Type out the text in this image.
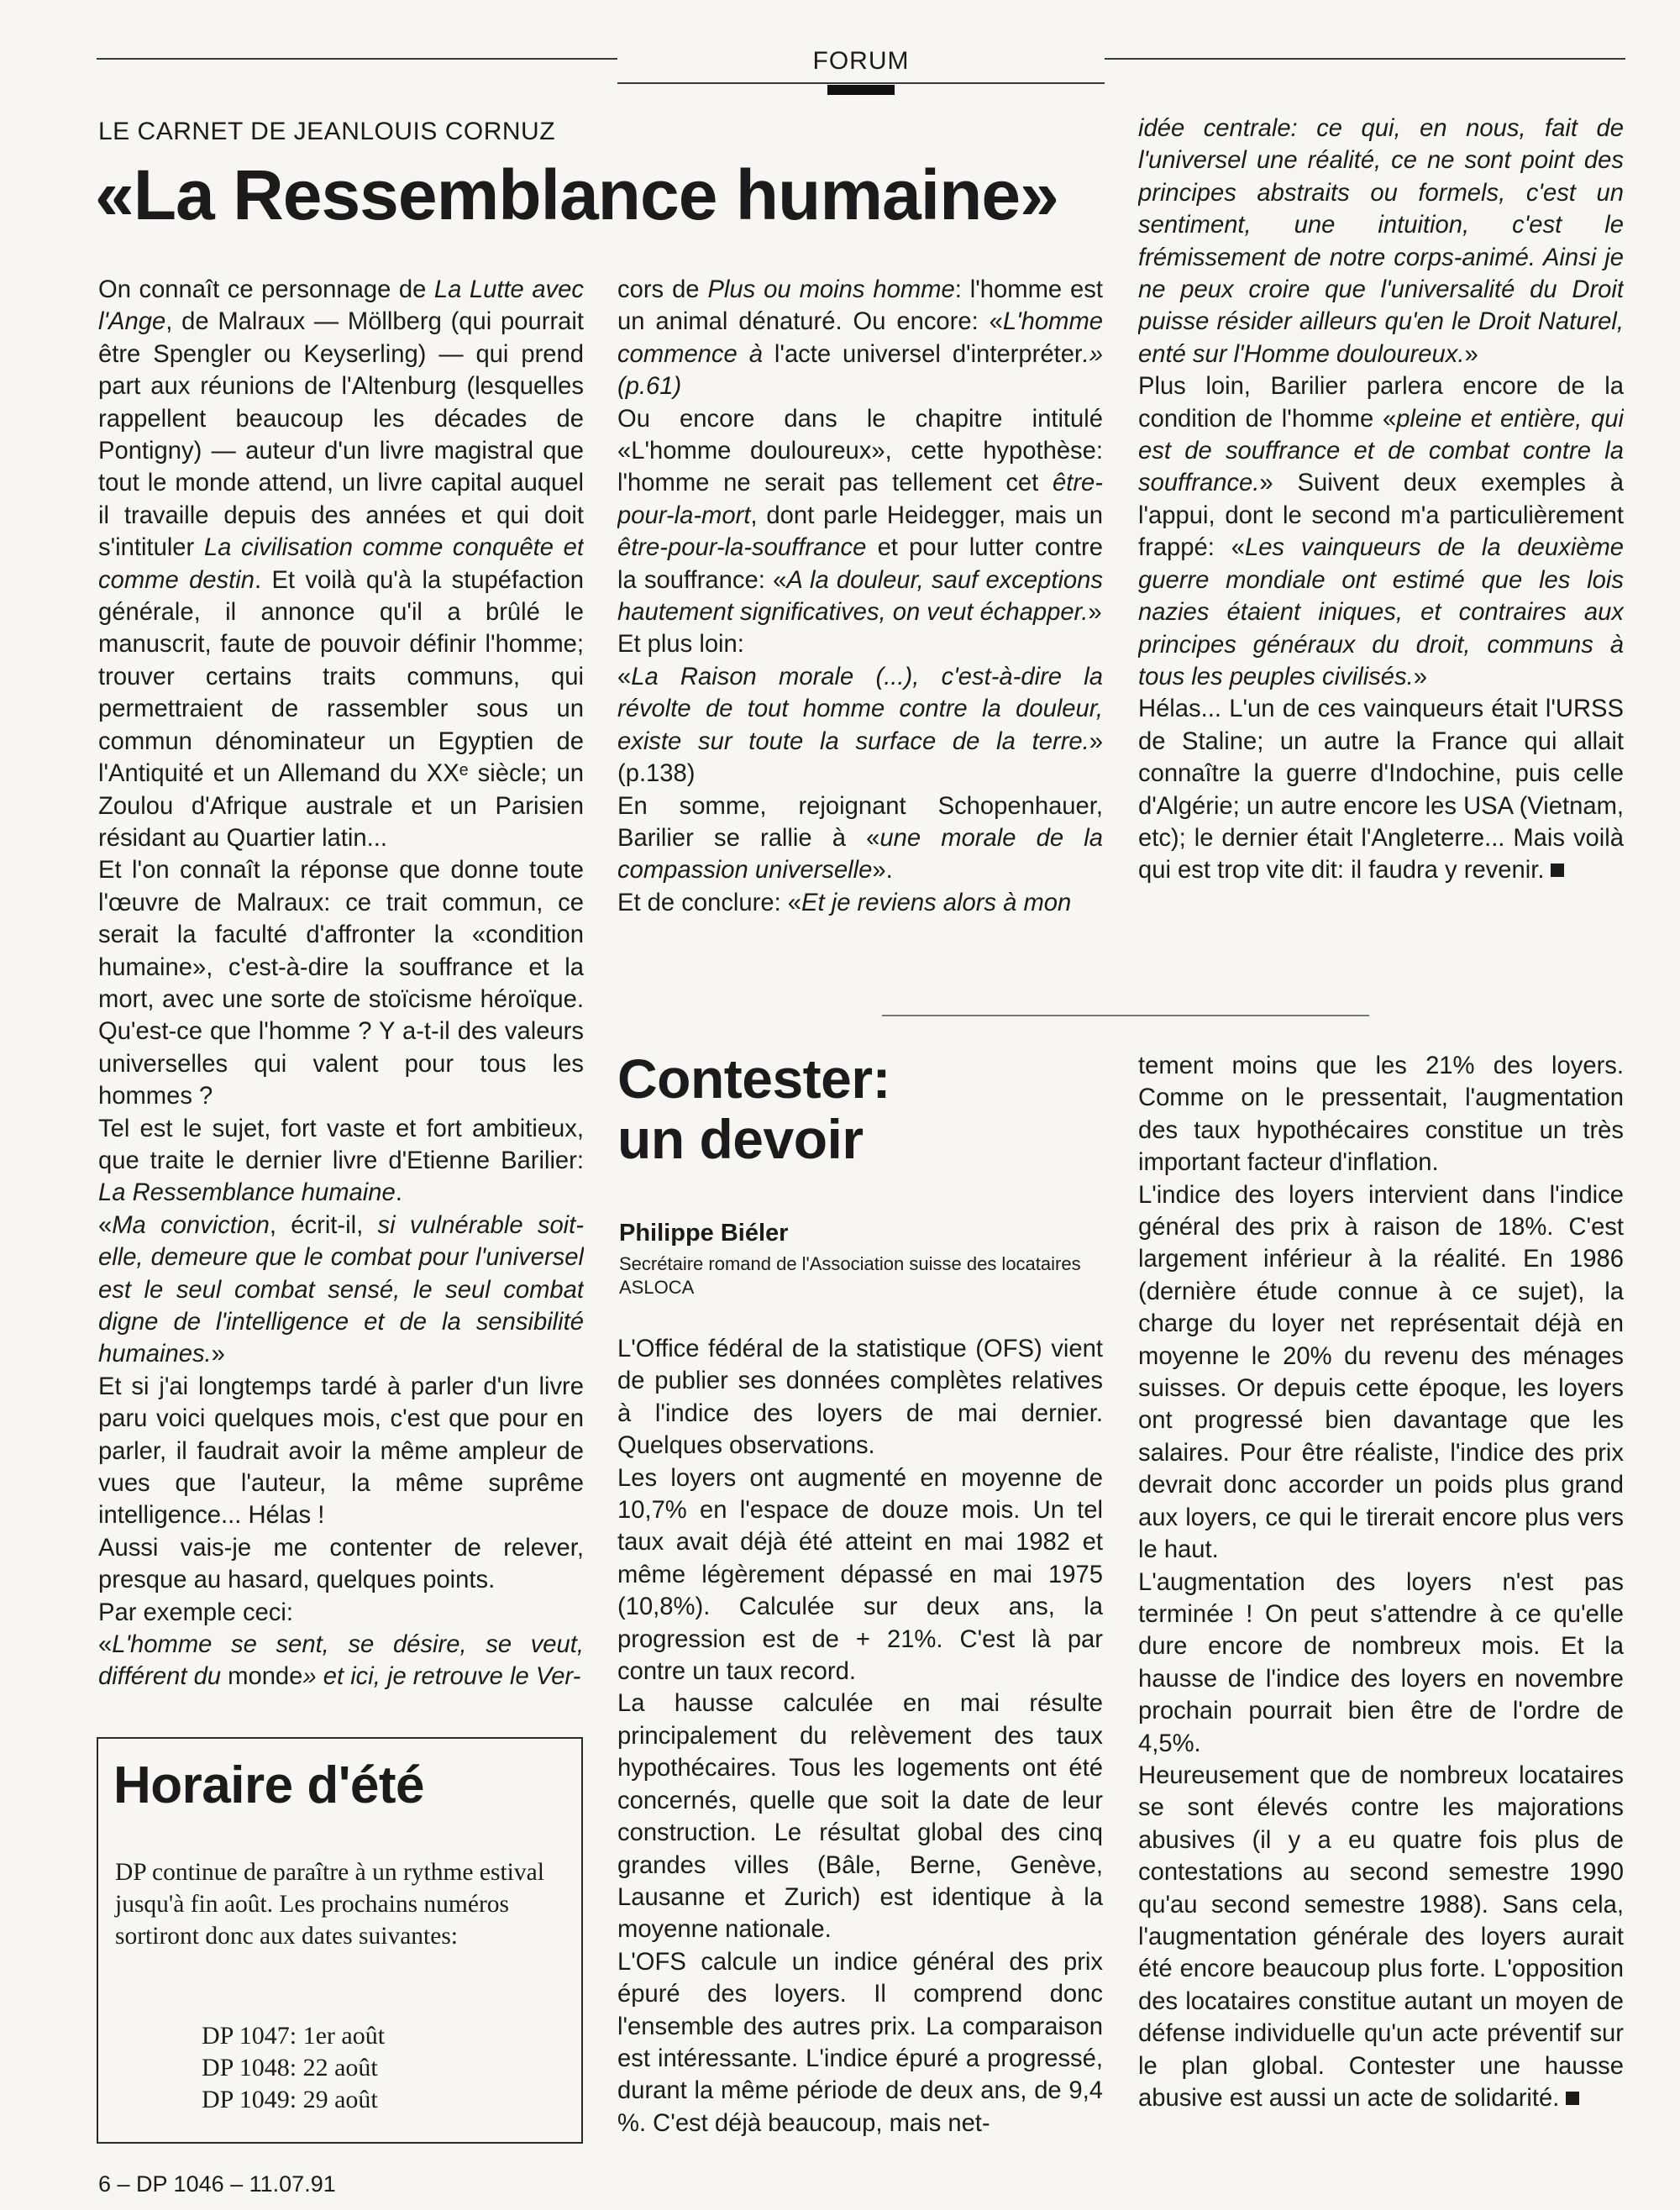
FORUM
LE CARNET DE JEANLOUIS CORNUZ
«La Ressemblance humaine»

On connaît ce personnage de La Lutte avec l'Ange, de Malraux — Möllberg (qui pourrait être Spengler ou Keyserling) — qui prend part aux réunions de l'Altenburg (lesquelles rappellent beaucoup les décades de Pontigny) — auteur d'un livre magistral que tout le monde attend, un livre capital auquel il travaille depuis des années et qui doit s'intituler La civilisation comme conquête et comme destin. Et voilà qu'à la stupéfaction générale, il annonce qu'il a brûlé le manuscrit, faute de pouvoir définir l'homme; trouver certains traits communs, qui permettraient de rassembler sous un commun dénominateur un Egyptien de l'Antiquité et un Allemand du XXᵉ siècle; un Zoulou d'Afrique australe et un Parisien résidant au Quartier latin...

Et l'on connaît la réponse que donne toute l'œuvre de Malraux: ce trait commun, ce serait la faculté d'affronter la «condition humaine», c'est-à-dire la souffrance et la mort, avec une sorte de stoïcisme héroïque. Qu'est-ce que l'homme ? Y a-t-il des valeurs universelles qui valent pour tous les hommes ?

Tel est le sujet, fort vaste et fort ambitieux, que traite le dernier livre d'Etienne Barilier: La Ressemblance humaine.

«Ma conviction, écrit-il, si vulnérable soit-elle, demeure que le combat pour l'universel est le seul combat sensé, le seul combat digne de l'intelligence et de la sensibilité humaines.»

Et si j'ai longtemps tardé à parler d'un livre paru voici quelques mois, c'est que pour en parler, il faudrait avoir la même ampleur de vues que l'auteur, la même suprême intelligence... Hélas !

Aussi vais-je me contenter de relever, presque au hasard, quelques points.

Par exemple ceci:

«L'homme se sent, se désire, se veut, différent du monde» et ici, je retrouve le Ver-

cors de Plus ou moins homme: l'homme est un animal dénaturé. Ou encore: «L'homme commence à l'acte universel d'interpréter.» (p.61)

Ou encore dans le chapitre intitulé «L'homme douloureux», cette hypothèse: l'homme ne serait pas tellement cet être-pour-la-mort, dont parle Heidegger, mais un être-pour-la-souffrance et pour lutter contre la souffrance: «A la douleur, sauf exceptions hautement significatives, on veut échapper.»

Et plus loin:

«La Raison morale (...), c'est-à-dire la révolte de tout homme contre la douleur, existe sur toute la surface de la terre.» (p.138)

En somme, rejoignant Schopenhauer, Barilier se rallie à «une morale de la compassion universelle».

Et de conclure: «Et je reviens alors à mon

idée centrale: ce qui, en nous, fait de l'universel une réalité, ce ne sont point des principes abstraits ou formels, c'est un sentiment, une intuition, c'est le frémissement de notre corps-animé. Ainsi je ne peux croire que l'universalité du Droit puisse résider ailleurs qu'en le Droit Naturel, enté sur l'Homme douloureux.»

Plus loin, Barilier parlera encore de la condition de l'homme «pleine et entière, qui est de souffrance et de combat contre la souffrance.» Suivent deux exemples à l'appui, dont le second m'a particulièrement frappé: «Les vainqueurs de la deuxième guerre mondiale ont estimé que les lois nazies étaient iniques, et contraires aux principes généraux du droit, communs à tous les peuples civilisés.»

Hélas... L'un de ces vainqueurs était l'URSS de Staline; un autre la France qui allait connaître la guerre d'Indochine, puis celle d'Algérie; un autre encore les USA (Vietnam, etc); le dernier était l'Angleterre... Mais voilà qui est trop vite dit: il faudra y revenir.

Contester:
un devoir
Philippe Biéler
Secrétaire romand de l'Association suisse des locataires ASLOCA

L'Office fédéral de la statistique (OFS) vient de publier ses données complètes relatives à l'indice des loyers de mai dernier. Quelques observations.

Les loyers ont augmenté en moyenne de 10,7% en l'espace de douze mois. Un tel taux avait déjà été atteint en mai 1982 et même légèrement dépassé en mai 1975 (10,8%). Calculée sur deux ans, la progression est de + 21%. C'est là par contre un taux record.

La hausse calculée en mai résulte principalement du relèvement des taux hypothécaires. Tous les logements ont été concernés, quelle que soit la date de leur construction. Le résultat global des cinq grandes villes (Bâle, Berne, Genève, Lausanne et Zurich) est identique à la moyenne nationale.

L'OFS calcule un indice général des prix épuré des loyers. Il comprend donc l'ensemble des autres prix. La comparaison est intéressante. L'indice épuré a progressé, durant la même période de deux ans, de 9,4 %. C'est déjà beaucoup, mais net-

tement moins que les 21% des loyers. Comme on le pressentait, l'augmentation des taux hypothécaires constitue un très important facteur d'inflation.

L'indice des loyers intervient dans l'indice général des prix à raison de 18%. C'est largement inférieur à la réalité. En 1986 (dernière étude connue à ce sujet), la charge du loyer net représentait déjà en moyenne le 20% du revenu des ménages suisses. Or depuis cette époque, les loyers ont progressé bien davantage que les salaires. Pour être réaliste, l'indice des prix devrait donc accorder un poids plus grand aux loyers, ce qui le tirerait encore plus vers le haut.

L'augmentation des loyers n'est pas terminée ! On peut s'attendre à ce qu'elle dure encore de nombreux mois. Et la hausse de l'indice des loyers en novembre prochain pourrait bien être de l'ordre de 4,5%.

Heureusement que de nombreux locataires se sont élevés contre les majorations abusives (il y a eu quatre fois plus de contestations au second semestre 1990 qu'au second semestre 1988). Sans cela, l'augmentation générale des loyers aurait été encore beaucoup plus forte. L'opposition des locataires constitue autant un moyen de défense individuelle qu'un acte préventif sur le plan global. Contester une hausse abusive est aussi un acte de solidarité.

Horaire d'été
DP continue de paraître à un rythme estival jusqu'à fin août. Les prochains numéros sortiront donc aux dates suivantes:
DP 1047: 1er août
DP 1048: 22 août
DP 1049: 29 août
6 – DP 1046 – 11.07.91
